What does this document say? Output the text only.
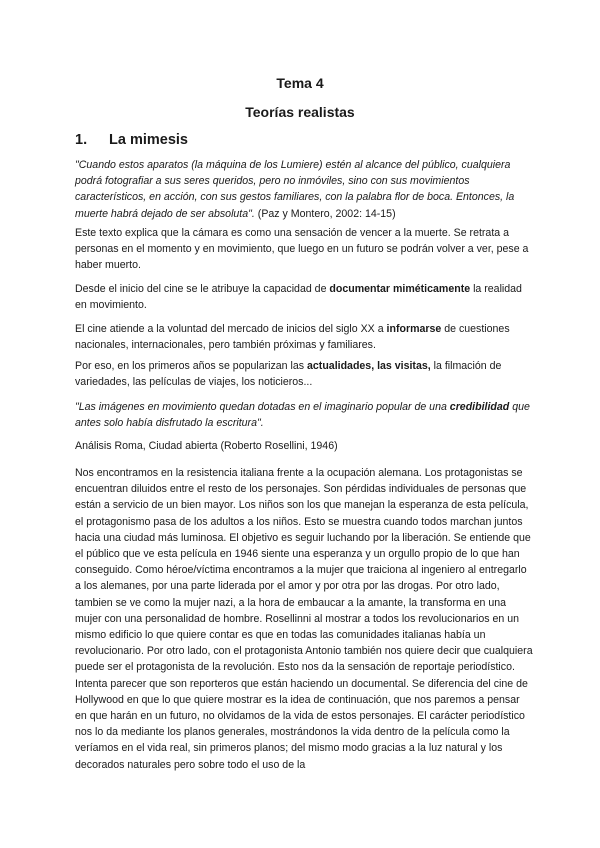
Tema 4
Teorías realistas
1. La mimesis

"Cuando estos aparatos (la máquina de los Lumiere) estén al alcance del público, cualquiera podrá fotografiar a sus seres queridos, pero no inmóviles, sino con sus movimientos característicos, en acción, con sus gestos familiares, con la palabra flor de boca. Entonces, la muerte habrá dejado de ser absoluta". (Paz y Montero, 2002: 14-15)

Este texto explica que la cámara es como una sensación de vencer a la muerte. Se retrata a personas en el momento y en movimiento, que luego en un futuro se podrán volver a ver, pese a haber muerto.

Desde el inicio del cine se le atribuye la capacidad de documentar miméticamente la realidad en movimiento.

El cine atiende a la voluntad del mercado de inicios del siglo XX a informarse de cuestiones nacionales, internacionales, pero también próximas y familiares.

Por eso, en los primeros años se popularizan las actualidades, las visitas, la filmación de variedades, las películas de viajes, los noticieros...

"Las imágenes en movimiento quedan dotadas en el imaginario popular de una credibilidad que antes solo había disfrutado la escritura".

Análisis Roma, Ciudad abierta (Roberto Rosellini, 1946)

Nos encontramos en la resistencia italiana frente a la ocupación alemana. Los protagonistas se encuentran diluidos entre el resto de los personajes. Son pérdidas individuales de personas que están a servicio de un bien mayor. Los niños son los que manejan la esperanza de esta película, el protagonismo pasa de los adultos a los niños. Esto se muestra cuando todos marchan juntos hacia una ciudad más luminosa. El objetivo es seguir luchando por la liberación. Se entiende que el público que ve esta película en 1946 siente una esperanza y un orgullo propio de lo que han conseguido. Como héroe/víctima encontramos a la mujer que traiciona al ingeniero al entregarlo a los alemanes, por una parte liderada por el amor y por otra por las drogas. Por otro lado, tambien se ve como la mujer nazi, a la hora de embaucar a la amante, la transforma en una mujer con una personalidad de hombre. Rosellinni al mostrar a todos los revolucionarios en un mismo edificio lo que quiere contar es que en todas las comunidades italianas había un revolucionario. Por otro lado, con el protagonista Antonio también nos quiere decir que cualquiera puede ser el protagonista de la revolución. Esto nos da la sensación de reportaje periodístico. Intenta parecer que son reporteros que están haciendo un documental. Se diferencia del cine de Hollywood en que lo que quiere mostrar es la idea de continuación, que nos paremos a pensar en que harán en un futuro, no olvidamos de la vida de estos personajes. El carácter periodístico nos lo da mediante los planos generales, mostrándonos la vida dentro de la película como la veríamos en el vida real, sin primeros planos; del mismo modo gracias a la luz natural y los decorados naturales pero sobre todo el uso de la
